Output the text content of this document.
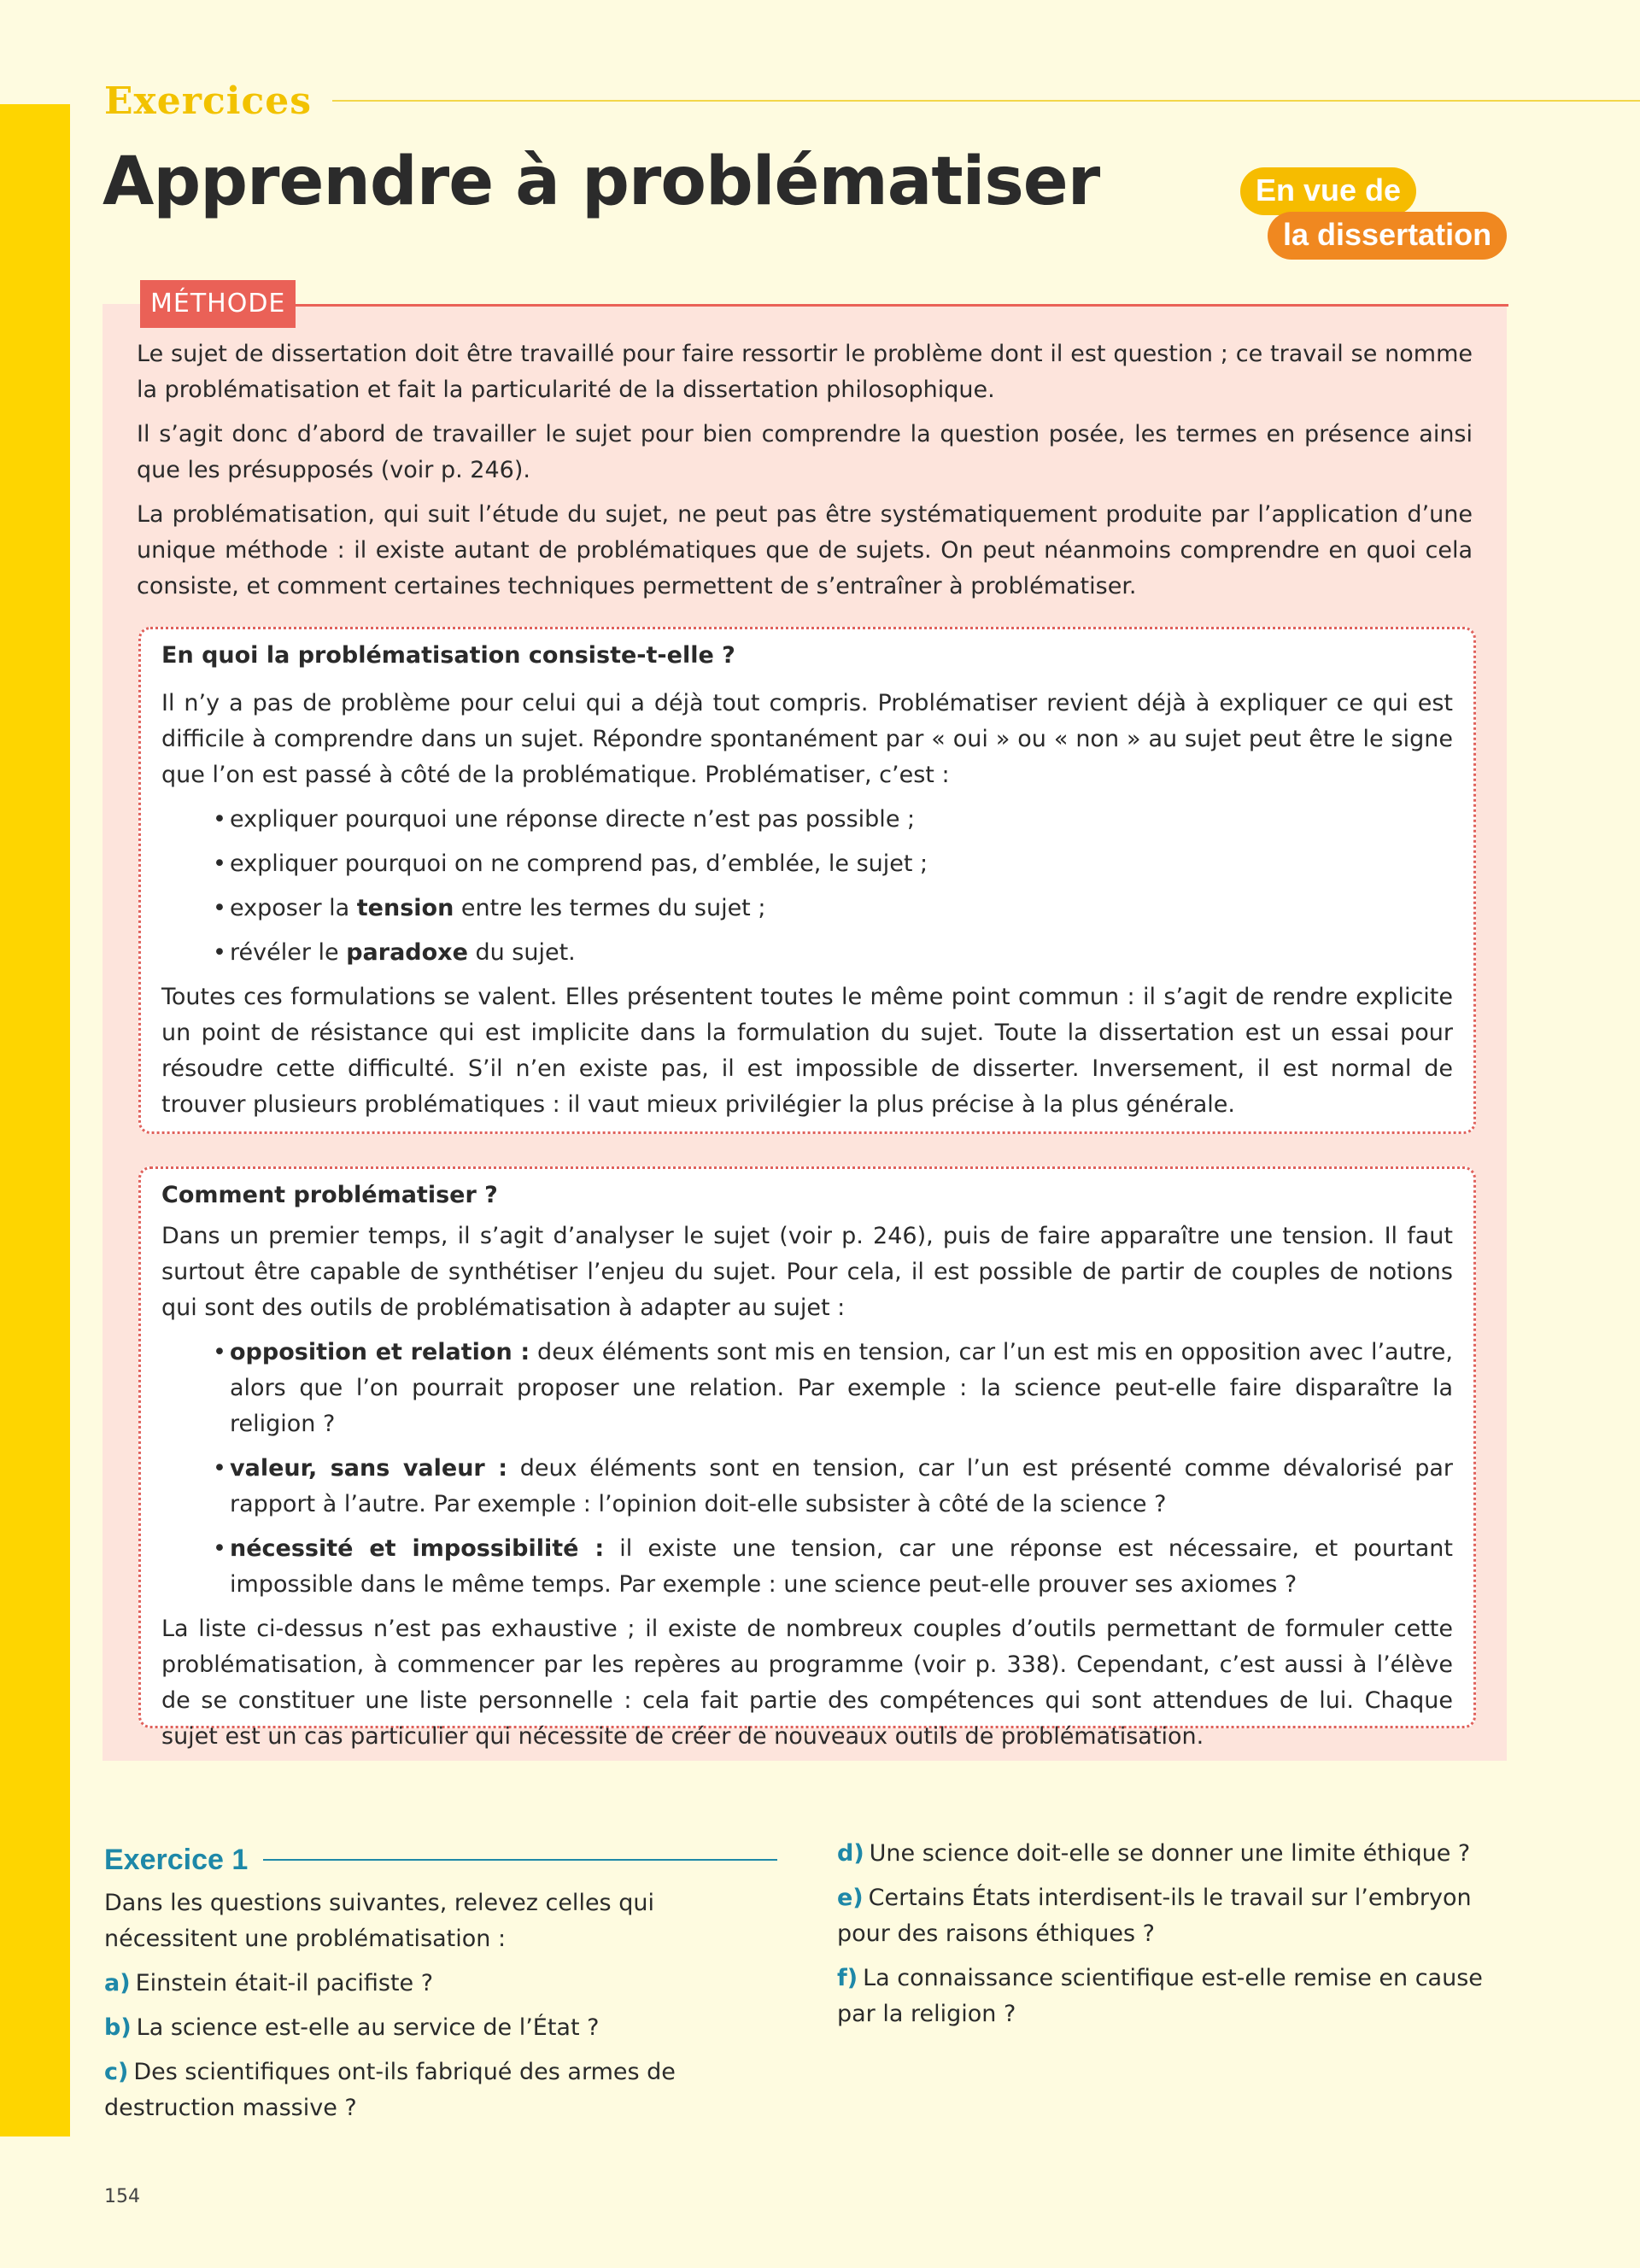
Exercices
Apprendre à problématiser	En vue de
la dissertation
MÉTHODE

Le sujet de dissertation doit être travaillé pour faire ressortir le problème dont il est question ; ce travail se nomme la problématisation et fait la particularité de la dissertation philosophique.

Il s’agit donc d’abord de travailler le sujet pour bien comprendre la question posée, les termes en présence ainsi que les présupposés (voir p. 246).

La problématisation, qui suit l’étude du sujet, ne peut pas être systématiquement produite par l’application d’une unique méthode : il existe autant de problématiques que de sujets. On peut néanmoins comprendre en quoi cela consiste, et comment certaines techniques permettent de s’entraîner à problématiser.

En quoi la problématisation consiste-t-elle ?

Il n’y a pas de problème pour celui qui a déjà tout compris. Problématiser revient déjà à expliquer ce qui est difficile à comprendre dans un sujet. Répondre spontanément par « oui » ou « non » au sujet peut être le signe que l’on est passé à côté de la problématique. Problématiser, c’est :

• expliquer pourquoi une réponse directe n’est pas possible ;
• expliquer pourquoi on ne comprend pas, d’emblée, le sujet ;
• exposer la tension entre les termes du sujet ;
• révéler le paradoxe du sujet.

Toutes ces formulations se valent. Elles présentent toutes le même point commun : il s’agit de rendre explicite un point de résistance qui est implicite dans la formulation du sujet. Toute la dissertation est un essai pour résoudre cette difficulté. S’il n’en existe pas, il est impossible de disserter. Inversement, il est normal de trouver plusieurs problématiques : il vaut mieux privilégier la plus précise à la plus générale.

Comment problématiser ?

Dans un premier temps, il s’agit d’analyser le sujet (voir p. 246), puis de faire apparaître une tension. Il faut surtout être capable de synthétiser l’enjeu du sujet. Pour cela, il est possible de partir de couples de notions qui sont des outils de problématisation à adapter au sujet :

• opposition et relation : deux éléments sont mis en tension, car l’un est mis en opposition avec l’autre, alors que l’on pourrait proposer une relation. Par exemple : la science peut-elle faire disparaître la religion ?
• valeur, sans valeur : deux éléments sont en tension, car l’un est présenté comme dévalorisé par rapport à l’autre. Par exemple : l’opinion doit-elle subsister à côté de la science ?
• nécessité et impossibilité : il existe une tension, car une réponse est nécessaire, et pourtant impossible dans le même temps. Par exemple : une science peut-elle prouver ses axiomes ?

La liste ci-dessus n’est pas exhaustive ; il existe de nombreux couples d’outils permettant de formuler cette problématisation, à commencer par les repères au programme (voir p. 338). Cependant, c’est aussi à l’élève de se constituer une liste personnelle : cela fait partie des compétences qui sont attendues de lui. Chaque sujet est un cas particulier qui nécessite de créer de nouveaux outils de problématisation.

Exercice 1

Dans les questions suivantes, relevez celles qui nécessitent une problématisation :

a) Einstein était-il pacifiste ?

b) La science est-elle au service de l’État ?

c) Des scientifiques ont-ils fabriqué des armes de destruction massive ?

d) Une science doit-elle se donner une limite éthique ?

e) Certains États interdisent-ils le travail sur l’embryon pour des raisons éthiques ?

f) La connaissance scientifique est-elle remise en cause par la religion ?

154
